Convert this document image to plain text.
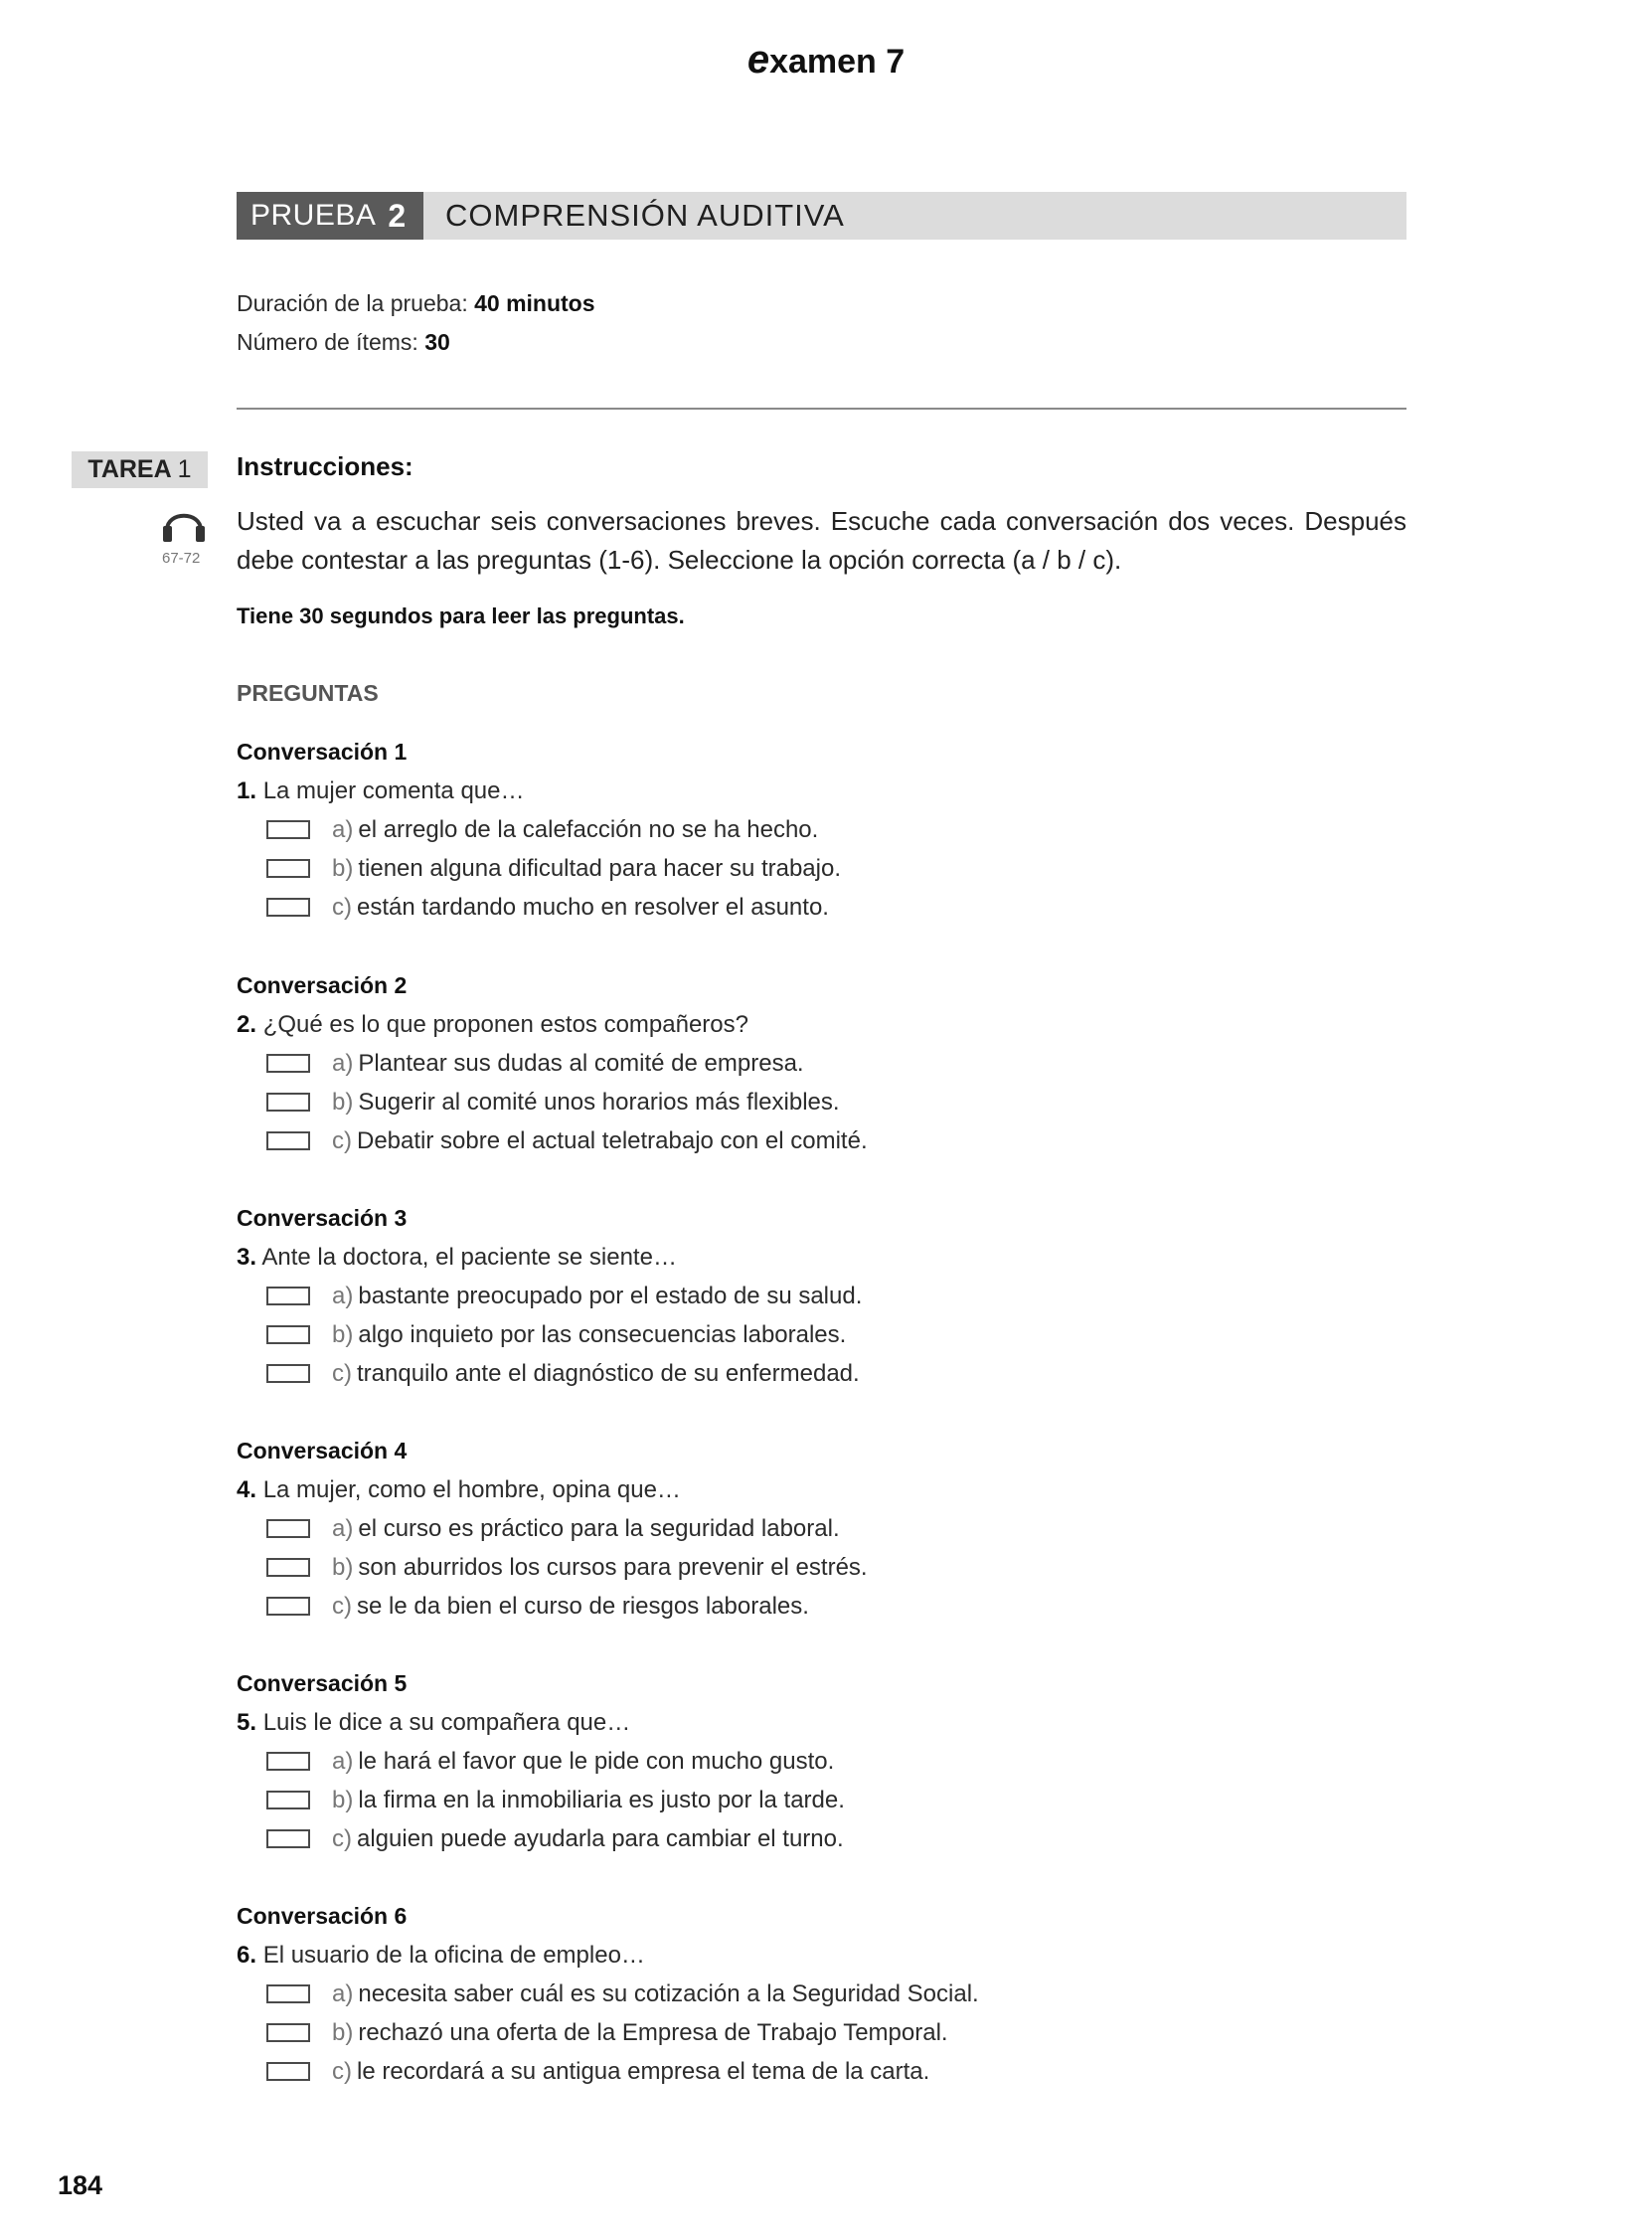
examen 7
PRUEBA 2 COMPRENSIÓN AUDITIVA
Duración de la prueba: 40 minutos
Número de ítems: 30
TAREA 1
67-72
Instrucciones:
Usted va a escuchar seis conversaciones breves. Escuche cada conversación dos veces. Después debe contestar a las preguntas (1-6). Seleccione la opción correcta (a / b / c).
Tiene 30 segundos para leer las preguntas.
PREGUNTAS
Conversación 1
1. La mujer comenta que…
a) el arreglo de la calefacción no se ha hecho.
b) tienen alguna dificultad para hacer su trabajo.
c) están tardando mucho en resolver el asunto.
Conversación 2
2. ¿Qué es lo que proponen estos compañeros?
a) Plantear sus dudas al comité de empresa.
b) Sugerir al comité unos horarios más flexibles.
c) Debatir sobre el actual teletrabajo con el comité.
Conversación 3
3. Ante la doctora, el paciente se siente…
a) bastante preocupado por el estado de su salud.
b) algo inquieto por las consecuencias laborales.
c) tranquilo ante el diagnóstico de su enfermedad.
Conversación 4
4. La mujer, como el hombre, opina que…
a) el curso es práctico para la seguridad laboral.
b) son aburridos los cursos para prevenir el estrés.
c) se le da bien el curso de riesgos laborales.
Conversación 5
5. Luis le dice a su compañera que…
a) le hará el favor que le pide con mucho gusto.
b) la firma en la inmobiliaria es justo por la tarde.
c) alguien puede ayudarla para cambiar el turno.
Conversación 6
6. El usuario de la oficina de empleo…
a) necesita saber cuál es su cotización a la Seguridad Social.
b) rechazó una oferta de la Empresa de Trabajo Temporal.
c) le recordará a su antigua empresa el tema de la carta.
184
